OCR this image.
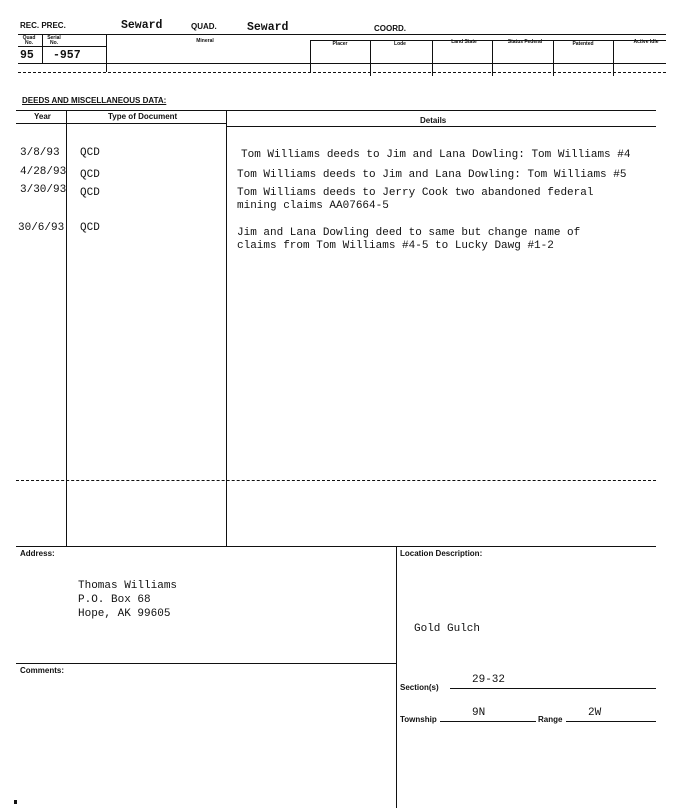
REC. PREC.	Seward	QUAD.	Seward	COORD.
Quad No.
Serial No.	Mineral	Placer	Lode	Land State	Status Federal	Patented	Active Idle
95 -957
DEEDS AND MISCELLANEOUS DATA:
Year	Type of Document	Details
3/8/93 QCD	Tom Williams deeds to Jim and Lana Dowling: Tom Williams #4
4/28/93 QCD	Tom Williams deeds to Jim and Lana Dowling: Tom Williams #5
3/30/93 QCD	Tom Williams deeds to Jerry Cook two abandoned federal
mining claims AA07664-5
30/6/93 QCD	Jim and Lana Dowling deed to same but change name of
claims from Tom Williams #4-5 to Lucky Dawg #1-2
Address:
Thomas Williams
P.O. Box 68
Hope, AK 99605
Location Description:
Gold Gulch
Section(s)
29-32
Township
9N
Range
2W
Comments:
